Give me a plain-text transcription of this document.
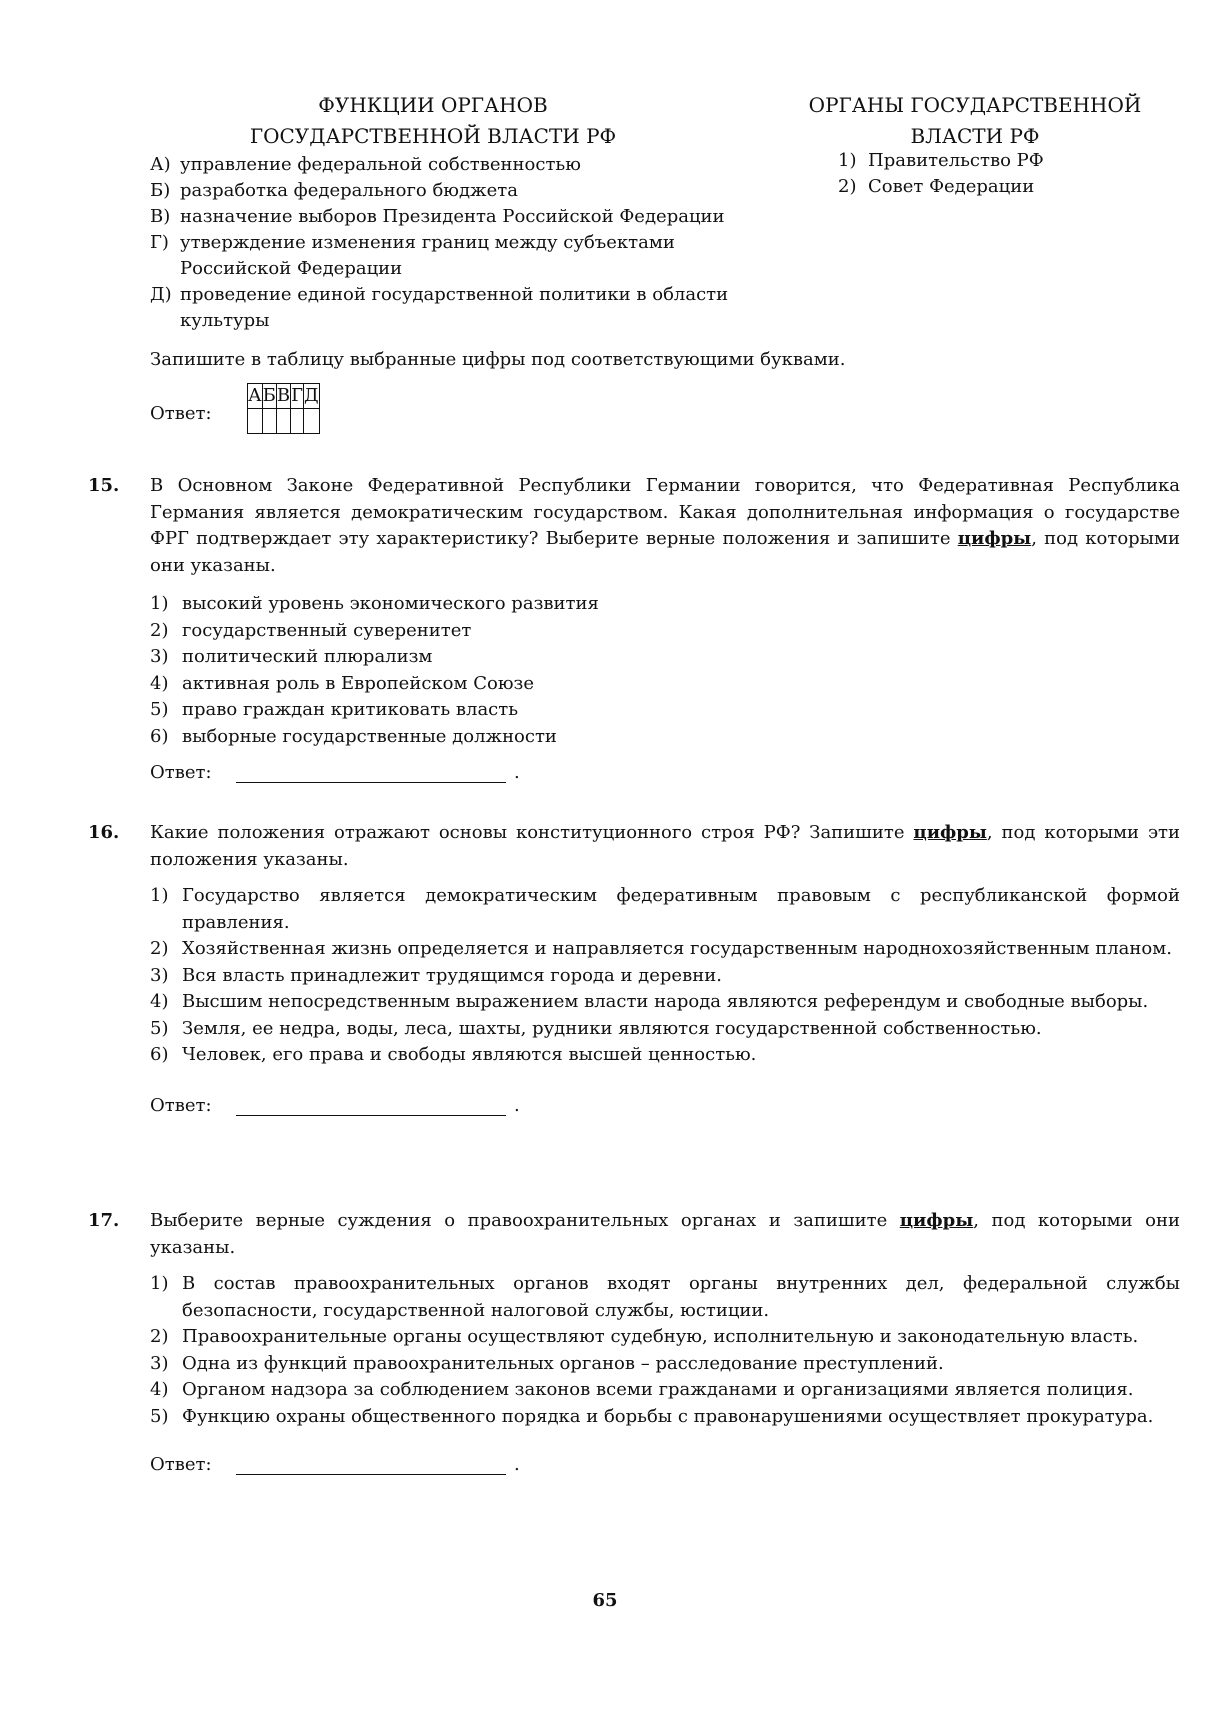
ФУНКЦИИ ОРГАНОВ
ГОСУДАРСТВЕННОЙ ВЛАСТИ РФ
ОРГАНЫ ГОСУДАРСТВЕННОЙ
ВЛАСТИ РФ
А) управление федеральной собственностью
Б) разработка федерального бюджета
В) назначение выборов Президента Российской Федерации
Г) утверждение изменения границ между субъектами Российской Федерации
Д) проведение единой государственной политики в области культуры
1) Правительство РФ
2) Совет Федерации
Запишите в таблицу выбранные цифры под соответствующими буквами.
Ответ:
А	Б	В	Г	Д

15. В Основном Законе Федеративной Республики Германии говорится, что Федеративная Республика Германия является демократическим государством. Какая дополнительная информация о государстве ФРГ подтверждает эту характеристику? Выберите верные положения и запишите цифры, под которыми они указаны.
1) высокий уровень экономического развития
2) государственный суверенитет
3) политический плюрализм
4) активная роль в Европейском Союзе
5) право граждан критиковать власть
6) выборные государственные должности
Ответ:	.
16. Какие положения отражают основы конституционного строя РФ? Запишите цифры, под которыми эти положения указаны.
1) Государство является демократическим федеративным правовым с республиканской формой правления.
2) Хозяйственная жизнь определяется и направляется государственным народнохозяйственным планом.
3) Вся власть принадлежит трудящимся города и деревни.
4) Высшим непосредственным выражением власти народа являются референдум и свободные выборы.
5) Земля, ее недра, воды, леса, шахты, рудники являются государственной собственностью.
6) Человек, его права и свободы являются высшей ценностью.
Ответ:	.
17. Выберите верные суждения о правоохранительных органах и запишите цифры, под которыми они указаны.
1) В состав правоохранительных органов входят органы внутренних дел, федеральной службы безопасности, государственной налоговой службы, юстиции.
2) Правоохранительные органы осуществляют судебную, исполнительную и законодательную власть.
3) Одна из функций правоохранительных органов – расследование преступлений.
4) Органом надзора за соблюдением законов всеми гражданами и организациями является полиция.
5) Функцию охраны общественного порядка и борьбы с правонарушениями осуществляет прокуратура.
Ответ:	.
65
